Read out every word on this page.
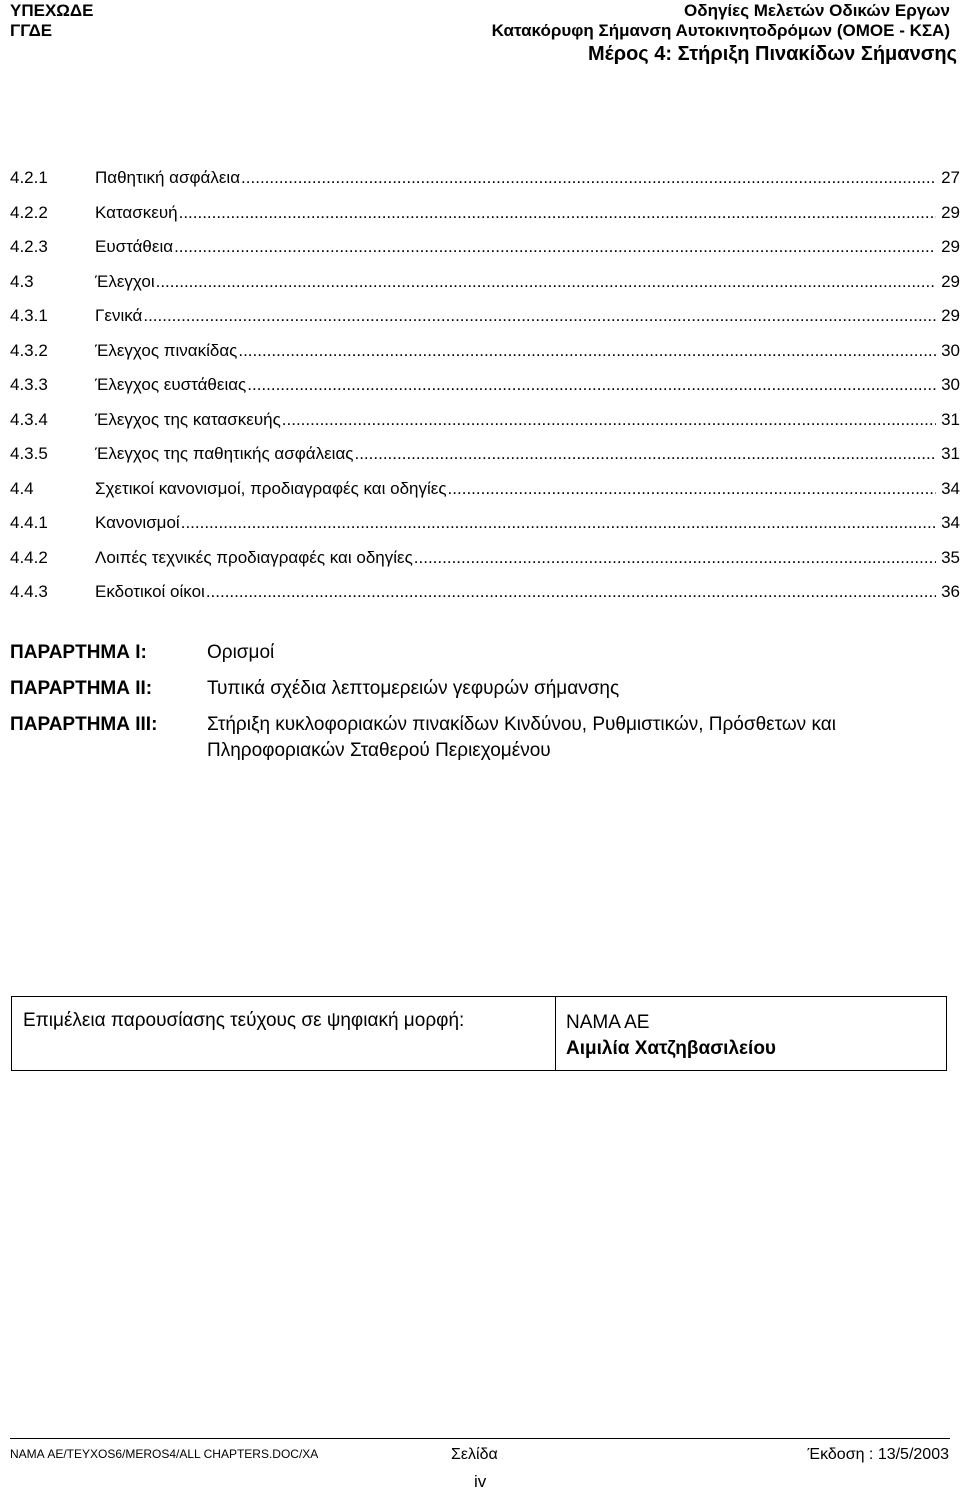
ΥΠΕΧΩΔΕ
ΓΓΔΕ
Οδηγίες Μελετών Οδικών Εργων
Κατακόρυφη Σήμανση Αυτοκινητοδρόμων (ΟΜΟΕ - ΚΣΑ)
Μέρος 4: Στήριξη Πινακίδων Σήμανσης
4.2.1	Παθητική ασφάλεια .....	27
4.2.2	Κατασκευή .....	29
4.2.3	Ευστάθεια .....	29
4.3	Έλεγχοι .....	29
4.3.1	Γενικά .....	29
4.3.2	Έλεγχος πινακίδας .....	30
4.3.3	Έλεγχος ευστάθειας .....	30
4.3.4	Έλεγχος της κατασκευής .....	31
4.3.5	Έλεγχος της παθητικής ασφάλειας .....	31
4.4	Σχετικοί κανονισμοί, προδιαγραφές και οδηγίες .....	34
4.4.1	Κανονισμοί .....	34
4.4.2	Λοιπές τεχνικές προδιαγραφές και οδηγίες .....	35
4.4.3	Εκδοτικοί οίκοι .....	36
ΠΑΡΑΡΤΗΜΑ Ι:	Ορισμοί
ΠΑΡΑΡΤΗΜΑ ΙΙ:	Τυπικά σχέδια λεπτομερειών γεφυρών σήμανσης
ΠΑΡΑΡΤΗΜΑ ΙΙΙ:	Στήριξη κυκλοφοριακών πινακίδων Κινδύνου, Ρυθμιστικών, Πρόσθετων και Πληροφοριακών Σταθερού Περιεχομένου
Επιμέλεια παρουσίασης τεύχους σε ψηφιακή μορφή:	ΝΑΜΑ ΑΕ
Αιμιλία Χατζηβασιλείου
ΝΑΜΑ AE/TEYXOS6/MEROS4/ALL CHAPTERS.DOC/XA	Σελίδα	Έκδοση : 13/5/2003
iv
